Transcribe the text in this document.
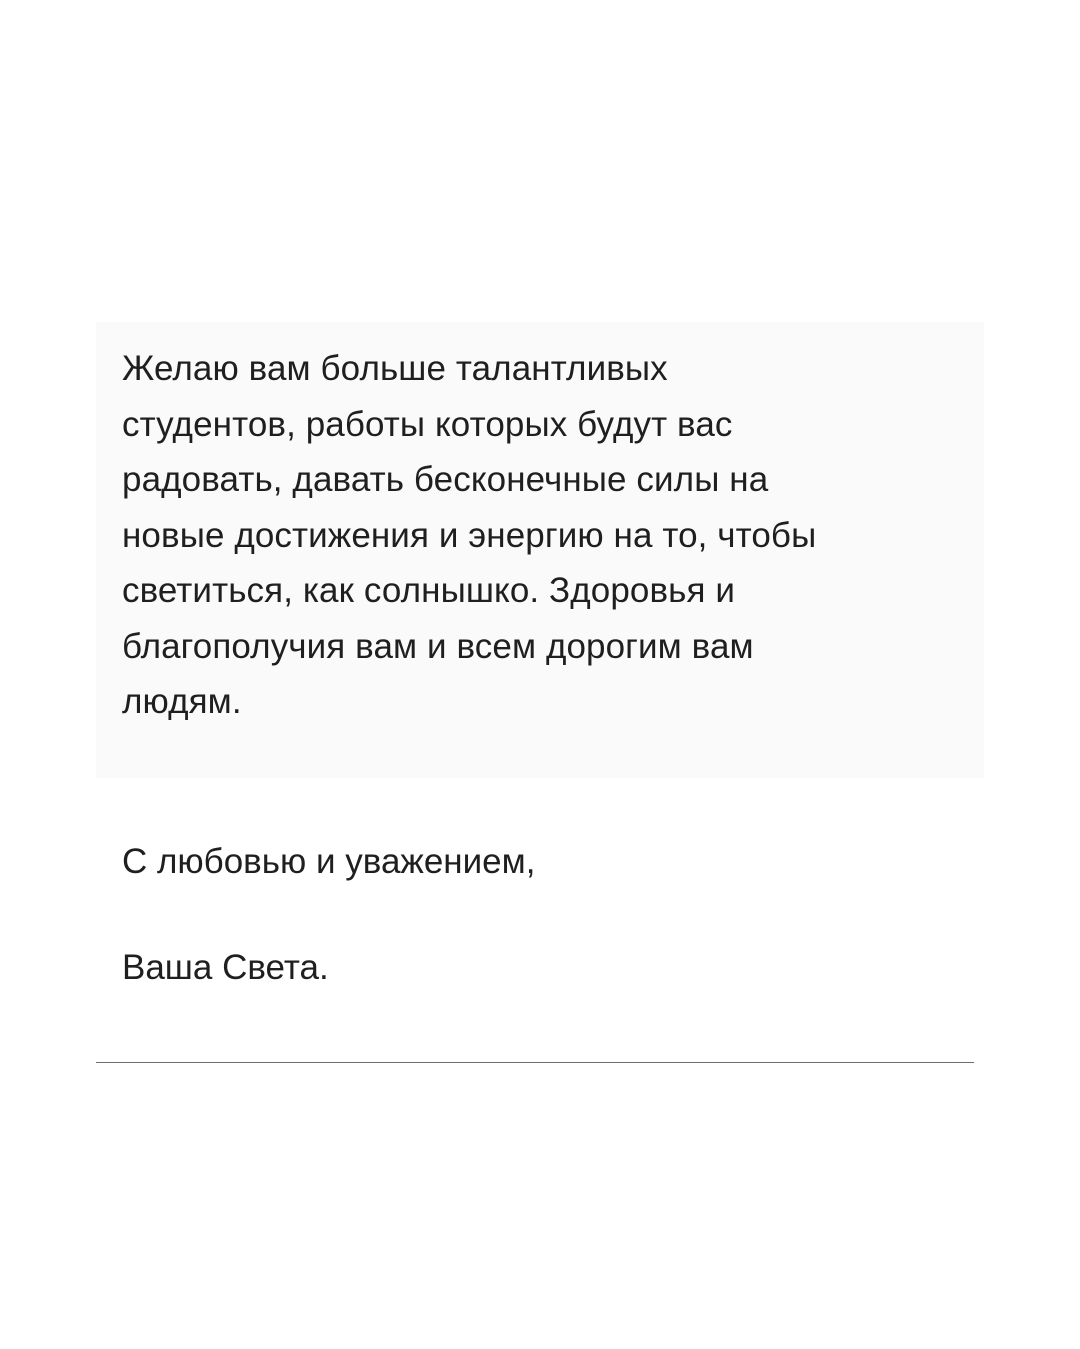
Желаю вам больше талантливых
студентов, работы которых будут вас
радовать, давать бесконечные силы на
новые достижения и энергию на то, чтобы
светиться, как солнышко. Здоровья и
благополучия вам и всем дорогим вам
людям.

С любовью и уважением,

Ваша Света.
